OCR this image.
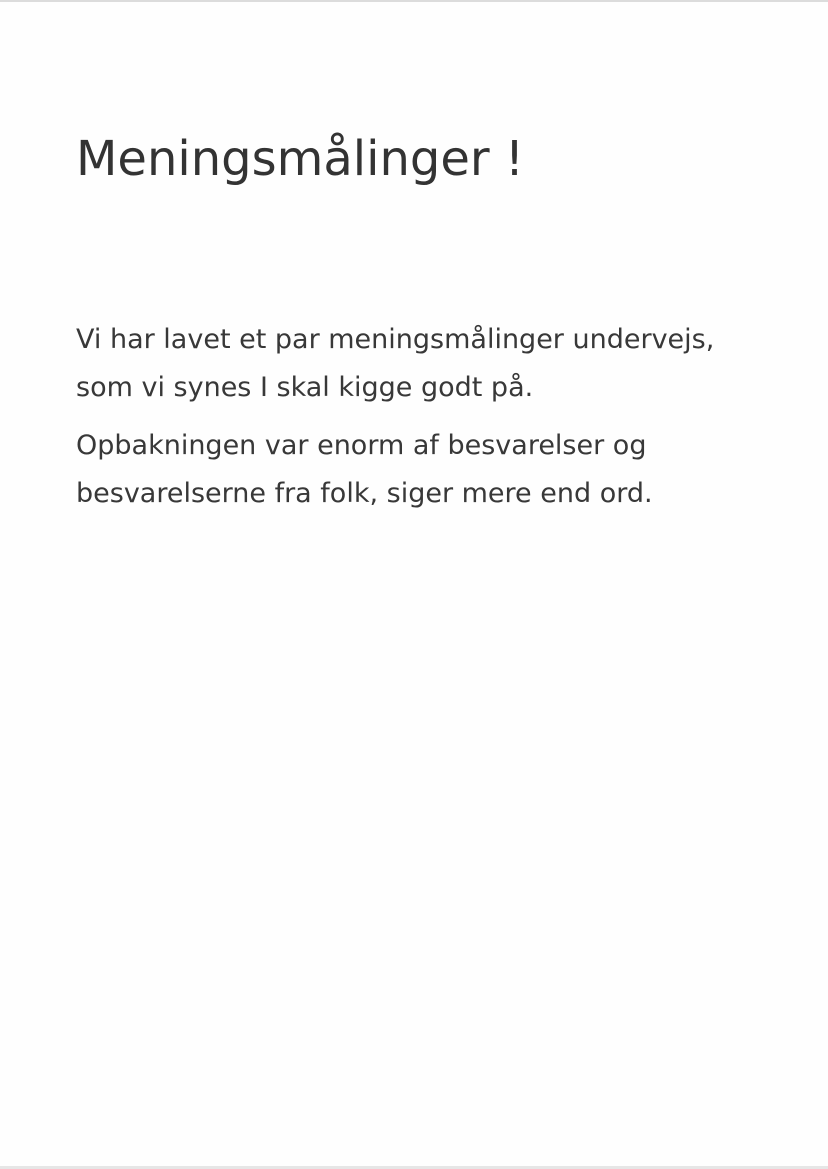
Meningsmålinger !

Vi har lavet et par meningsmålinger undervejs, som vi synes I skal kigge godt på.

Opbakningen var enorm af besvarelser og besvarelserne fra folk, siger mere end ord.
